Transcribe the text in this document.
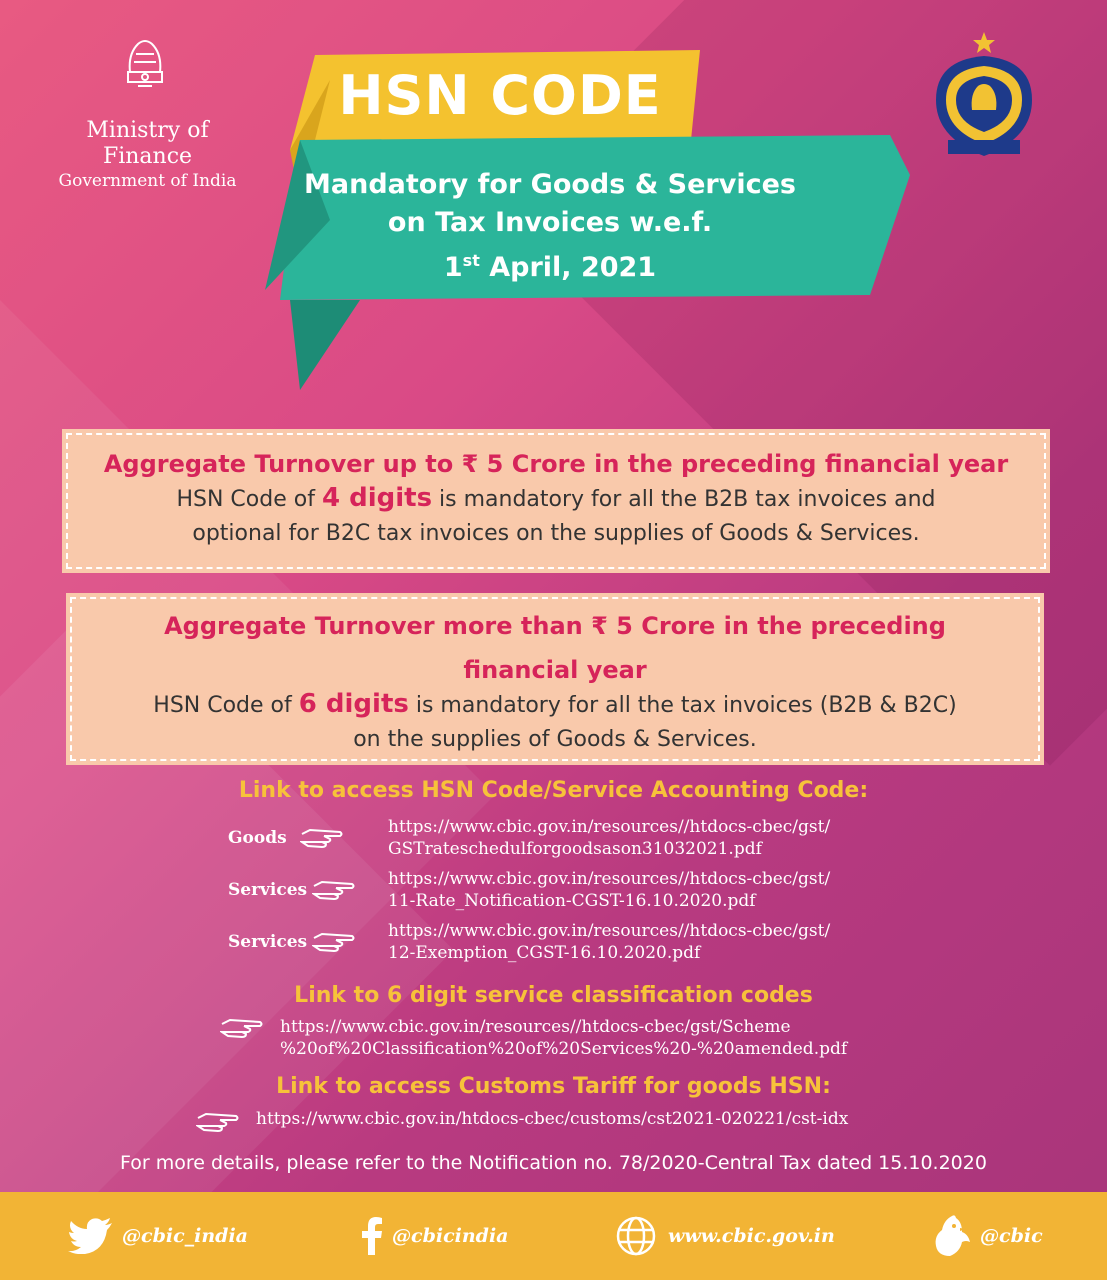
Ministry of Finance
Government of India
HSN CODE
Mandatory for Goods & Services
on Tax Invoices w.e.f.
1st April, 2021
Aggregate Turnover up to ₹ 5 Crore in the preceding financial year
HSN Code of 4 digits is mandatory for all the B2B tax invoices and
optional for B2C tax invoices on the supplies of Goods & Services.
Aggregate Turnover more than ₹ 5 Crore in the preceding
financial year
HSN Code of 6 digits is mandatory for all the tax invoices (B2B & B2C)
on the supplies of Goods & Services.
Link to access HSN Code/Service Accounting Code:
Goods
https://www.cbic.gov.in/resources//htdocs-cbec/gst/
GSTrateschedulforgoodsason31032021.pdf
Services
https://www.cbic.gov.in/resources//htdocs-cbec/gst/
11-Rate_Notification-CGST-16.10.2020.pdf
Services
https://www.cbic.gov.in/resources//htdocs-cbec/gst/
12-Exemption_CGST-16.10.2020.pdf
Link to 6 digit service classification codes
https://www.cbic.gov.in/resources//htdocs-cbec/gst/Scheme
%20of%20Classification%20of%20Services%20-%20amended.pdf
Link to access Customs Tariff for goods HSN:
https://www.cbic.gov.in/htdocs-cbec/customs/cst2021-020221/cst-idx
For more details, please refer to the Notification no. 78/2020-Central Tax dated 15.10.2020
@cbic_india	@cbicindia	www.cbic.gov.in	@cbic
